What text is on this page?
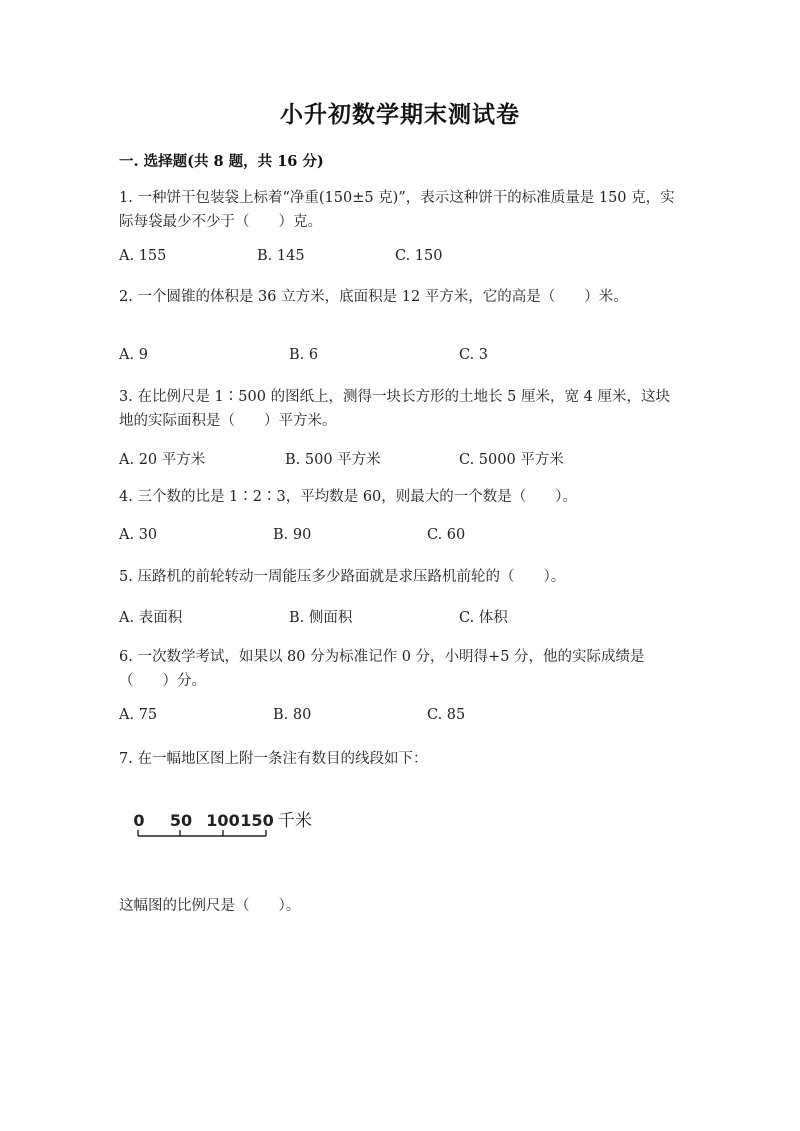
小升初数学期末测试卷
一. 选择题(共 8 题，共 16 分)
1. 一种饼干包装袋上标着“净重(150±5 克)”，表示这种饼干的标准质量是 150 克，实际每袋最少不少于（　　）克。
A. 155	B. 145	C. 150
2. 一个圆锥的体积是 36 立方米，底面积是 12 平方米，它的高是（　　）米。
A. 9	B. 6	C. 3
3. 在比例尺是 1∶500 的图纸上，测得一块长方形的土地长 5 厘米，宽 4 厘米，这块地的实际面积是（　　）平方米。
A. 20 平方米	B. 500 平方米	C. 5000 平方米
4. 三个数的比是 1∶2∶3，平均数是 60，则最大的一个数是（　　）。
A. 30	B. 90	C. 60
5. 压路机的前轮转动一周能压多少路面就是求压路机前轮的（　　）。
A. 表面积	B. 侧面积	C. 体积
6. 一次数学考试，如果以 80 分为标准记作 0 分，小明得+5 分，他的实际成绩是（　　）分。
A. 75	B. 80	C. 85
7. 在一幅地区图上附一条注有数目的线段如下：
0 50 100 150 千米
这幅图的比例尺是（　　）。
